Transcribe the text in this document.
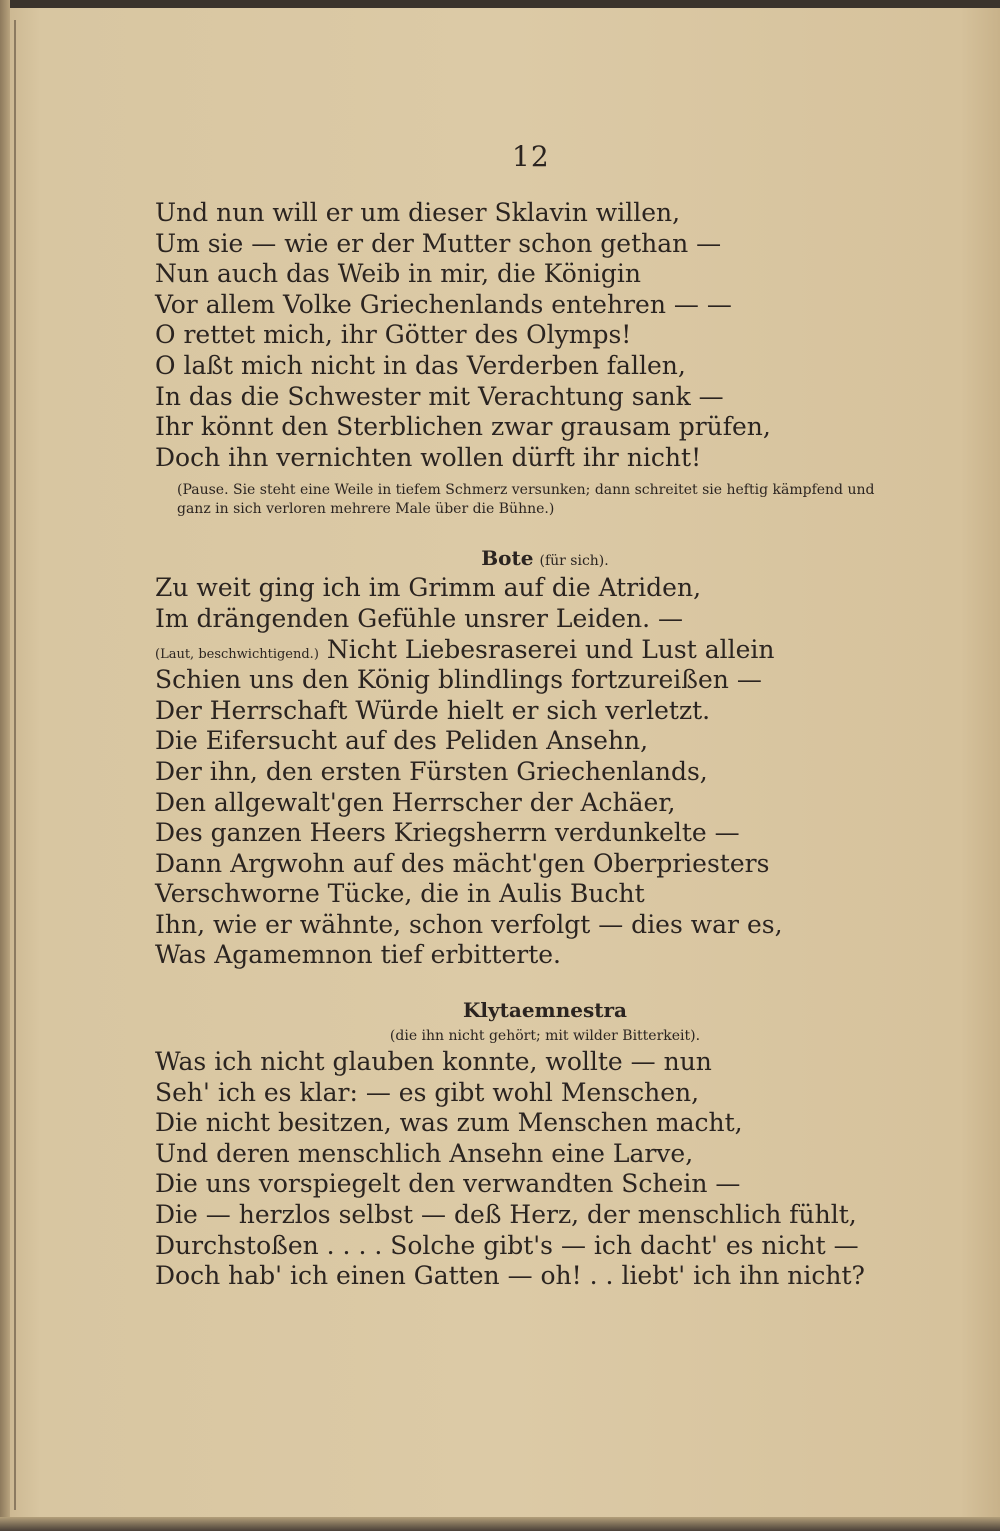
12
Und nun will er um dieser Sklavin willen,
Um sie — wie er der Mutter schon gethan —
Nun auch das Weib in mir, die Königin
Vor allem Volke Griechenlands entehren — —
O rettet mich, ihr Götter des Olymps!
O laßt mich nicht in das Verderben fallen,
In das die Schwester mit Verachtung sank —
Ihr könnt den Sterblichen zwar grausam prüfen,
Doch ihn vernichten wollen dürft ihr nicht!
(Pause. Sie steht eine Weile in tiefem Schmerz versunken; dann schreitet sie heftig kämpfend und ganz in sich verloren mehrere Male über die Bühne.)
Bote (für sich).
Zu weit ging ich im Grimm auf die Atriden,
Im drängenden Gefühle unsrer Leiden. —
(Laut, beschwichtigend.) Nicht Liebesraserei und Lust allein
Schien uns den König blindlings fortzureißen —
Der Herrschaft Würde hielt er sich verletzt.
Die Eifersucht auf des Peliden Ansehn,
Der ihn, den ersten Fürsten Griechenlands,
Den allgewalt'gen Herrscher der Achäer,
Des ganzen Heers Kriegsherrn verdunkelte —
Dann Argwohn auf des mächt'gen Oberpriesters
Verschworne Tücke, die in Aulis Bucht
Ihn, wie er wähnte, schon verfolgt — dies war es,
Was Agamemnon tief erbitterte.
Klytaemnestra
(die ihn nicht gehört; mit wilder Bitterkeit).
Was ich nicht glauben konnte, wollte — nun
Seh' ich es klar: — es gibt wohl Menschen,
Die nicht besitzen, was zum Menschen macht,
Und deren menschlich Ansehn eine Larve,
Die uns vorspiegelt den verwandten Schein —
Die — herzlos selbst — deß Herz, der menschlich fühlt,
Durchstoßen . . . . Solche gibt's — ich dacht' es nicht —
Doch hab' ich einen Gatten — oh! . . liebt' ich ihn nicht?
